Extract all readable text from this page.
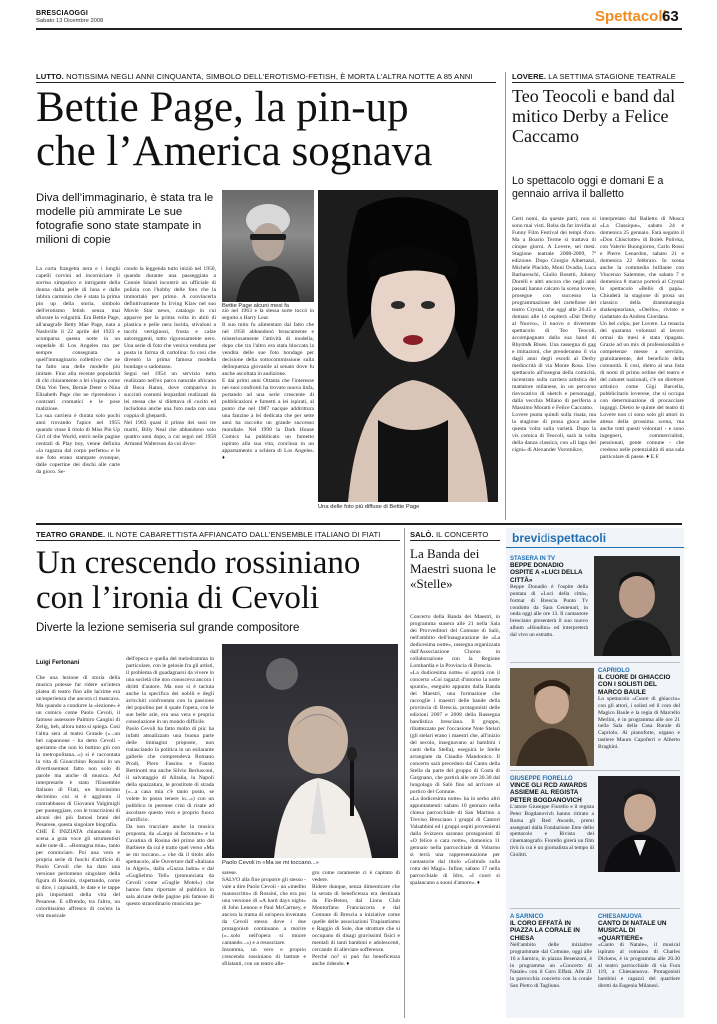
BRESCIAOGGI
Sabato 13 Dicembre 2008	Spettacoli
63
LUTTO. NOTISSIMA NEGLI ANNI CINQUANTA, SIMBOLO DELL'EROTISMO-FETISH, È MORTA L'ALTRA NOTTE A 85 ANNI
Bettie Page, la pin-up
che l’America sognava
Diva dell’immaginario, è stata tra le modelle più ammirate Le sue fotografie sono state stampate in milioni di copie
La corta frangetta nera e i lunghi capelli corvini ad incorniciare il sorriso simpatico e intrigante della donna dalla pelle di luna e dalle labbra carminio che è stata la prima pin up della storia, simbolo dell'erotismo fetish senza mai sfiorare la volgarità. Era Bettie Page, all'anagrafe Betty Mae Page, nata a Nashville il 22 aprile del 1923 e scomparsa questa notte in un ospedale di Los Angeles ma per sempre consegnata a quell'immaginario collettivo che ne ha fatto una delle modelle più imitate. Fino alla recente popolarità di chi chiaramente a lei s'ispira come Dita Von Tees, Bernie Deter o Nina Elisabeth Page che ne riprendono i contrasti cromatici e le pose maliziose.
La sua carriera è durata solo pochi anni trovando l'apice nel 1955 quando vinse il titolo di Miss Pin Up Girl of the World, entrò nelle pagine centrali di Play boy, venne definita «la ragazza dal corpo perfetto» e le sue foto erano stampate ovunque, dalle copertine dei dischi alle carte da gioco. Se-
condo la leggenda tutto iniziò nel 1950, quando durante una passeggiata a Connie Island incontrò un ufficiale di polizia con l'hobby delle foto che la immortalò per primo. A convincerla definitivamente fu Irving Klaw nel suo Movie Star news, catalogo in cui apparve per la prima volta in abiti di plastica e pelle nera lucida, stivaloni a tacchi vertiginosi, frusta e calze autoreggenti, tutto rigorosamente nero. Una serie di foto che veniva venduta per posta in forma di cartolina: fu così che diventò la prima famosa modella bondage o sadomaso.
Segui nel 1954 un servizio tutto realizzato nell'ex parco naturale africano di Boca Raton, dove compariva in succinti costumi leopardati realizzati da lei stessa che si dilettava di cucito ed includono anche una foto nuda con una coppia di ghepardi.
Nel 1963 quasi il primo dei suoi tre mariti, Billy Neal che abbandono solo quattro anni dopo, a cui seguì nel 1958 Armand Walterson da cui divor-
ziò nel 1963 e la stessa sorte toccò in seguito a Harry Lear.
Il suo mito fu alimentato dal fatto che nel 1958 abbandonò bruscamente e misteriosamente l'attività di modella, dopo che tra l'altro era stata bloccata la vendita delle sue foto bondage per decisione della sottocommissione sulla delinquenza giovanile al senato dove fu anche ascoltata in audizione.
E dai primi anni Ottanta che l'interesse nei suoi confronti ha trovato nuova linfa, portando ad una serie crescente di pubblicazioni e fumetti a lei ispirati, al punto che nel 1987 nacque addirittura una fanzine a lei dedicata che per sette anni ha raccolto un grande successo mondiale. Nel 1990 la Dark House Comics ha pubblicato un fumetto ispirato alla sua vita, conclusa in un appartamento a schiera di Los Angeles. ♦
Bettie Page alcuni mesi fa
Una delle foto più diffuse di Bettie Page
LOVERE. LA SETTIMA STAGIONE TEATRALE
Teo Teocoli e band dal mitico Derby a Felice Caccamo
Lo spettacolo oggi e domani E a gennaio arriva il balletto
Certi nomi, da queste parti, non si sono mai visti. Roba da far invidia al Funny Film Festival dei tempi d'oro. Ma a Boario Terme si trattava di cinque giorni. A Lovere, sei mesi. Stagione teatrale 2008-2009, 7ª edizione. Dopo Giorgio Albertazzi, Michele Placido, Moni Ovadia, Luca Barbareschi, Giulio Bosetti, Johnny Dorelli e altri ancora che negli anni passati hanno calcato la scena lovere, prosegue con successo la programmazione del cartellone del teatro Crystal, che oggi alle 20.45 e domani alle 14 ospiterà «Dal Derby al Nuovo», il nuovo e divertente spettacolo di Teo Teocoli, accompagnato dalla sua band di Rhytm& Blues. Una rassegna di gag e imitazioni, che prenderanno il via dagli anni degli esordi al Derby mediocrità di via Monte Rosa. Uno spettacolo all'insegna della comicità, incentrato sulla carriera artistica del mattatore milanese, in un percorso rievocativo di sketch e personaggi, dalla vecchia Milano di periferia a Massimo Moratti e Felice Caccamo.
Lovere punta quindi sulla risata, ma la stagione di prosa gioca anche questa volta sulla varietà. Dopo la vis comica di Teocoli, sarà la volta della danza classica, con «Il lago dei cigni» di Alexander Vorotnikov,
interpretato dal Balletto di Mosca «La Classique», sabato 24 e domenica 25 gennaio. Farà seguito il «Don Chisciotte» di Bolek Polivka, con Valerio Buongiorno, Carlo Rossi e Pierre Lenardon, sabato 21 e domenica 22 febbraio. In scena anche la commedia brillante con Vincenzo Salemme, che sabato 7 e domenica 8 marzo porterà al Crystal lo spettacolo «Bello di papà». Chiuderà la stagione di prosa un classico della drammaturgia shakespeariana, «Otello», rivisto e riadattato da Andrea Giordana.
Un bel colpo, per Lovere. La tenacia dei quaranta volontari al lavoro ormai da mesi è stata ripagata. Grazie ad un mix di professionalità e competenze messe a servizio, gratuitamente, del beneficio della comunità. E così, dietro al una lista di nomi di primo ordine del teatro e del cabaret nazionali, c'è un direttore artistico come Gigi Barcella, pubblicitario loverese, che si occupa con determinazione di procacciare ingaggi. Dietro le quinte del teatro di Lovere non ci sono solo gli attori in attesa della prossima scena, ma anche tutti questi volontari - e sono ingegneri, commercialisti, pensionati, gente comune - che credono nelle potenzialità di una sala particolare di paese. ♦ E.F.
TEATRO GRANDE. IL NOTE CABARETTISTA AFFIANCATO DALL'ENSEMBLE ITALIANO DI FIATI
Un crescendo rossiniano
con l’ironia di Cevoli
Diverte la lezione semiseria sul grande compositore
Luigi Fertonani
Che una lezione di storia della musica potesse far ridere un'intera platea di teatro fino alle lacrime era un'esperienza che ancora ci mancava. Ma quando a condurre la «lezione» è un comico come Paolo Cevoli, il famoso assessore Palmiro Cangini di Zelig, beh, allora tutto si spiega. Così l'altra sera al teatro Grande («...un bel capannone - ha detto Cevoli - speriamo che non lo buttino giù con la metropolitana...») si è raccontata la vita di Gioacchino Rossini in un divertissement fatto non solo di parole ma anche di musica. Ad interpretarle è stato l'Ensemble Italiano di Fiati, un bravissimo decimino cui si è aggiunto il contrabbasso di Giovanni Valgimigli per punteggiare, con le trascrizioni di alcuni dei più famosi brani del Pesarese, questa singolare biografia.
CHE È INIZIATA chiamando in scena a gran voce gli strumentisti sulle note di... «Romagna mia», tanto per cominciare. Poi una vera e propria serie di fuochi d'artificio di Paolo Cevoli che ha dato una versione perlomeno singolare della figura di Rossini, rispettando, come si dice, i capisaldi, le date e le tappe più importanti della vita del Pesarese. E offrendo, tra l'altro, un coloritissimo affresco di cos'era la vita musicale
dell'epoca e quella del melodramma in particolare, con le gelosie fra gli artisti, il problema di guadagnarsi da vivere in una società che non conosceva ancora i diritti d'autore. Ma non si è taciuta anche la specifica dei nobili e degli arricchiti confrontata con la passione del popolino per il quale l'opera, con le sue belle arie, era una vera e propria consolazione in un mondo difficile.
Paolo Cevoli ha fatto molto di più: ha infatti attualizzato una buona parte delle immagini proposte, non tralasciando la politica in un esilarante gallerie che comprendeva Romano Prodi, Piero Fassino e Fausto Bertinotti ma anche Silvio Berlusconi, il salvataggio di Alitalia, la Napoli della spazzatura, le prostitute di strada («...a casa mia c'è tanto posto, se volete lo posso tenere io...») con un pubblico in perenne crisi di risate ad ascoltare questo vero e proprio fuoco d'artificio.
Da non tracciare anche la musica proposta, da «Largo al factotum» e la Cavatina di Rosina del primo atto del Barbiere da cui è tratto quel verso «Ma se mi toccano...» che dà il titolo allo spettacolo, alle Ouverture dall'«Italiana in Algeri», dalla «Gazza ladra» e dal «Guglielmo Tell» (pronunciata da Cevoli come «Guglie Motel») che hanno fatto riportare al pubblico in sala alcune delle pagine più famose di questo straordinario musicista pe-
Paolo Cevoli in «Ma se mi toccano...»
sarese.
SALVO alla fine proporre gli stesso - vale a dire Paolo Cevoli - un «inedito manoscritto» di Rossini, che era poi una versione di «A hard days night» di John Lennon e Paul McCartney, e ancora la trama di un'opera inventata da Cevoli stesso dove i due protagonisti continuano a morire («...solo nell'opera si muore cantando...») e a resuscitare.
Insomma, un vero e proprio crescendo rossiniano di battute e sfilatanti, con un teatro alle-
gro come raramente ci è capitato di vedere.
Ridere dunque, senza dimenticare che la serata di beneficenza era destinata da Fin-Beton, dal Lions Club Montorfano Franciacorta e dal Comune di Brescia a iniziative come quelle delle associazioni Trapiantiamo e Raggio di Sole, due strutture che si occupano di disagi gravissimi fisici e mentali di tanti bambini e adolescenti, cercando di alleviare sofferenze.
Perché no? si può far beneficenza anche ridendo. ♦
SALÒ. IL CONCERTO
La Banda dei Maestri suona le «Stelle»
Concerto della Banda dei Maestri, in programma stasera alle 21 nella Sala dei Provveditori del Comune di Salò, nell'ambito dell'inaugurazione de «La dodicesima notte», rassegna organizzata dall'Associazione Chorus in collaborazione con la Regione Lombardia e la Provincia di Brescia.
«La dodicesima notte» si aprirà con il concerto «Coi ragazzi d'intorno la notte spuntò», eseguito appunto dalla Banda dei Maestri, una formazione che raccoglie i maestri delle bande della provincia di Brescia, protagonisti delle edizioni 2007 e 2008 della Rassegna bandistica bresciana. Il gruppo, ribattezzato per l'occasione Note Stelari (gli stelari erano i maestri che, all'inizio del secolo, insegnavano ai bambini i canti della Stella), eseguirà le Stelle arrangiate da Claudio Mandonico. Il concerto sarà preceduto dal Canto della Stella da parte del gruppo di Costa di Gargnano, che partirà alle ore 20.30 dal lungolago di Salò fino ad arrivare al portico del Comune.
«La dodicesima notte» ha in serbo altri appuntamenti: sabato 10 gennaio nella chiesa parrocchiale di San Martino a Treviso Bresciano i gruppi di Cantori Valsabbini ed i gruppi ospiti provenienti dalla Svizzera saranno protagonisti di «O felice o cara notte», domenica 11 gennaio nella parrocchiale di Vobarno si terrà una rappresentazione per cantastorie dal titolo «Gelindo sulla rotta dei Magi». Infine, sabato 17 nella parrocchiale di Idro, «I cuori si spalancano a suoni d'amore». ♦
brevidispettacoli
STASERA IN TV
BEPPE DONADIO OSPITE A «LUCI DELLA CITTÀ»
Beppe Donadio è l'ospite della puntata di «Luci della città», format di Brescia Punto Tv condotto da Sara Centenari, in onda oggi alle ore 13. Il cantautore bresciano presenterà il suo nuovo album «Houdini» ed interpreterà dal vivo un estratto.
CAPRIOLO
IL CUORE DI GHIACCIO CON I SOLISTI DEL MARCO BAULE
Lo spettacolo «Cuore di ghiaccio» con gli attori, i solisti ed il coro del Magico Baule e la regia di Marcello Merlini, è in programma alle ore 21 nella Sala della Casa Rurale di Capriolo. Al pianoforte, organo e tastiere Mauro Capoferri e Alberto Braghini.
GIUSEPPE FIORELLO
VINCE GLI RCD AWARDS ASSIEME AL REGISTA PETER BOGDANOVICH
L'attore Giuseppe Fiorello e il regista Peter Bogdanovich hanno ritirato a Roma gli Red Awards, premi assegnati dalla Fondazione Ente dello spettacolo e Rivista del cinematografo. Fiorello girerà un film tivù in cui è un giornalista al tempo di Giolitti.
A SARNICO
IL CORO EFFATÀ IN PIAZZA LA CORALE IN CHIESA
Nell'ambito delle iniziative programmate dal Comune, oggi alle 16 a Sarnico, in piazza Besenzoni, è in programma un «Concerto di Natale» con il Coro Effatà. Alle 21 in parrocchia concerto con la corale San Pietro di Tagliuno.
CHIESANUOVA
CANTO DI NATALE UN MUSICAL DI «QUARTIERE»
«Canto di Natale», il musical ispirato al romanzo di Charles Dickens, è in programma alle 20.30 al teatro parrocchiale di via Fura 119, a Chiesanuova. Protagonisti bambini e ragazzi del quartiere diretti da Eugenia Milanesi.
